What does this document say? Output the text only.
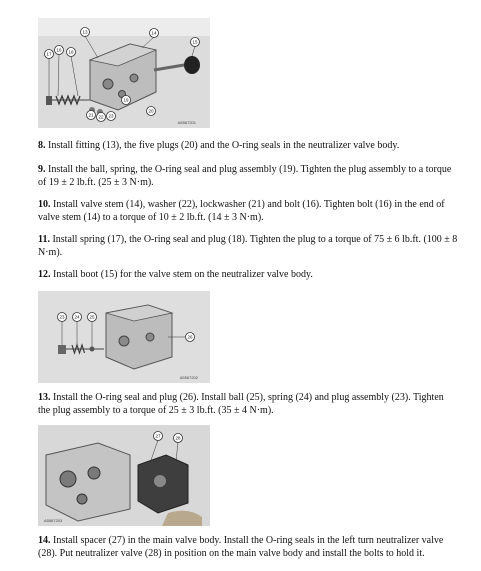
13	14
15
16
17	18
19
20
21 22 23
A5567201

8. Install fitting (13), the five plugs (20) and the O-ring seals in the neutralizer valve body.

9. Install the ball, spring, the O-ring seal and plug assembly (19). Tighten the plug assembly to a torque of 19 ± 2 lb.ft. (25 ± 3 N·m).

10. Install valve stem (14), washer (22), lockwasher (21) and bolt (16). Tighten bolt (16) in the end of valve stem (14) to a torque of 10 ± 2 lb.ft. (14 ± 3 N·m).

11. Install spring (17), the O-ring seal and plug (18). Tighten the plug to a torque of 75 ± 6 lb.ft. (100 ± 8 N·m).

12. Install boot (15) for the valve stem on the neutralizer valve body.

23 24 25
26
A5567202

13. Install the O-ring seal and plug (26). Install ball (25), spring (24) and plug assembly (23). Tighten the plug assembly to a torque of 25 ± 3 lb.ft. (35 ± 4 N·m).

27	28
A5567203

14. Install spacer (27) in the main valve body. Install the O-ring seals in the left turn neutralizer valve (28). Put neutralizer valve (28) in position on the main valve body and install the bolts to hold it.
